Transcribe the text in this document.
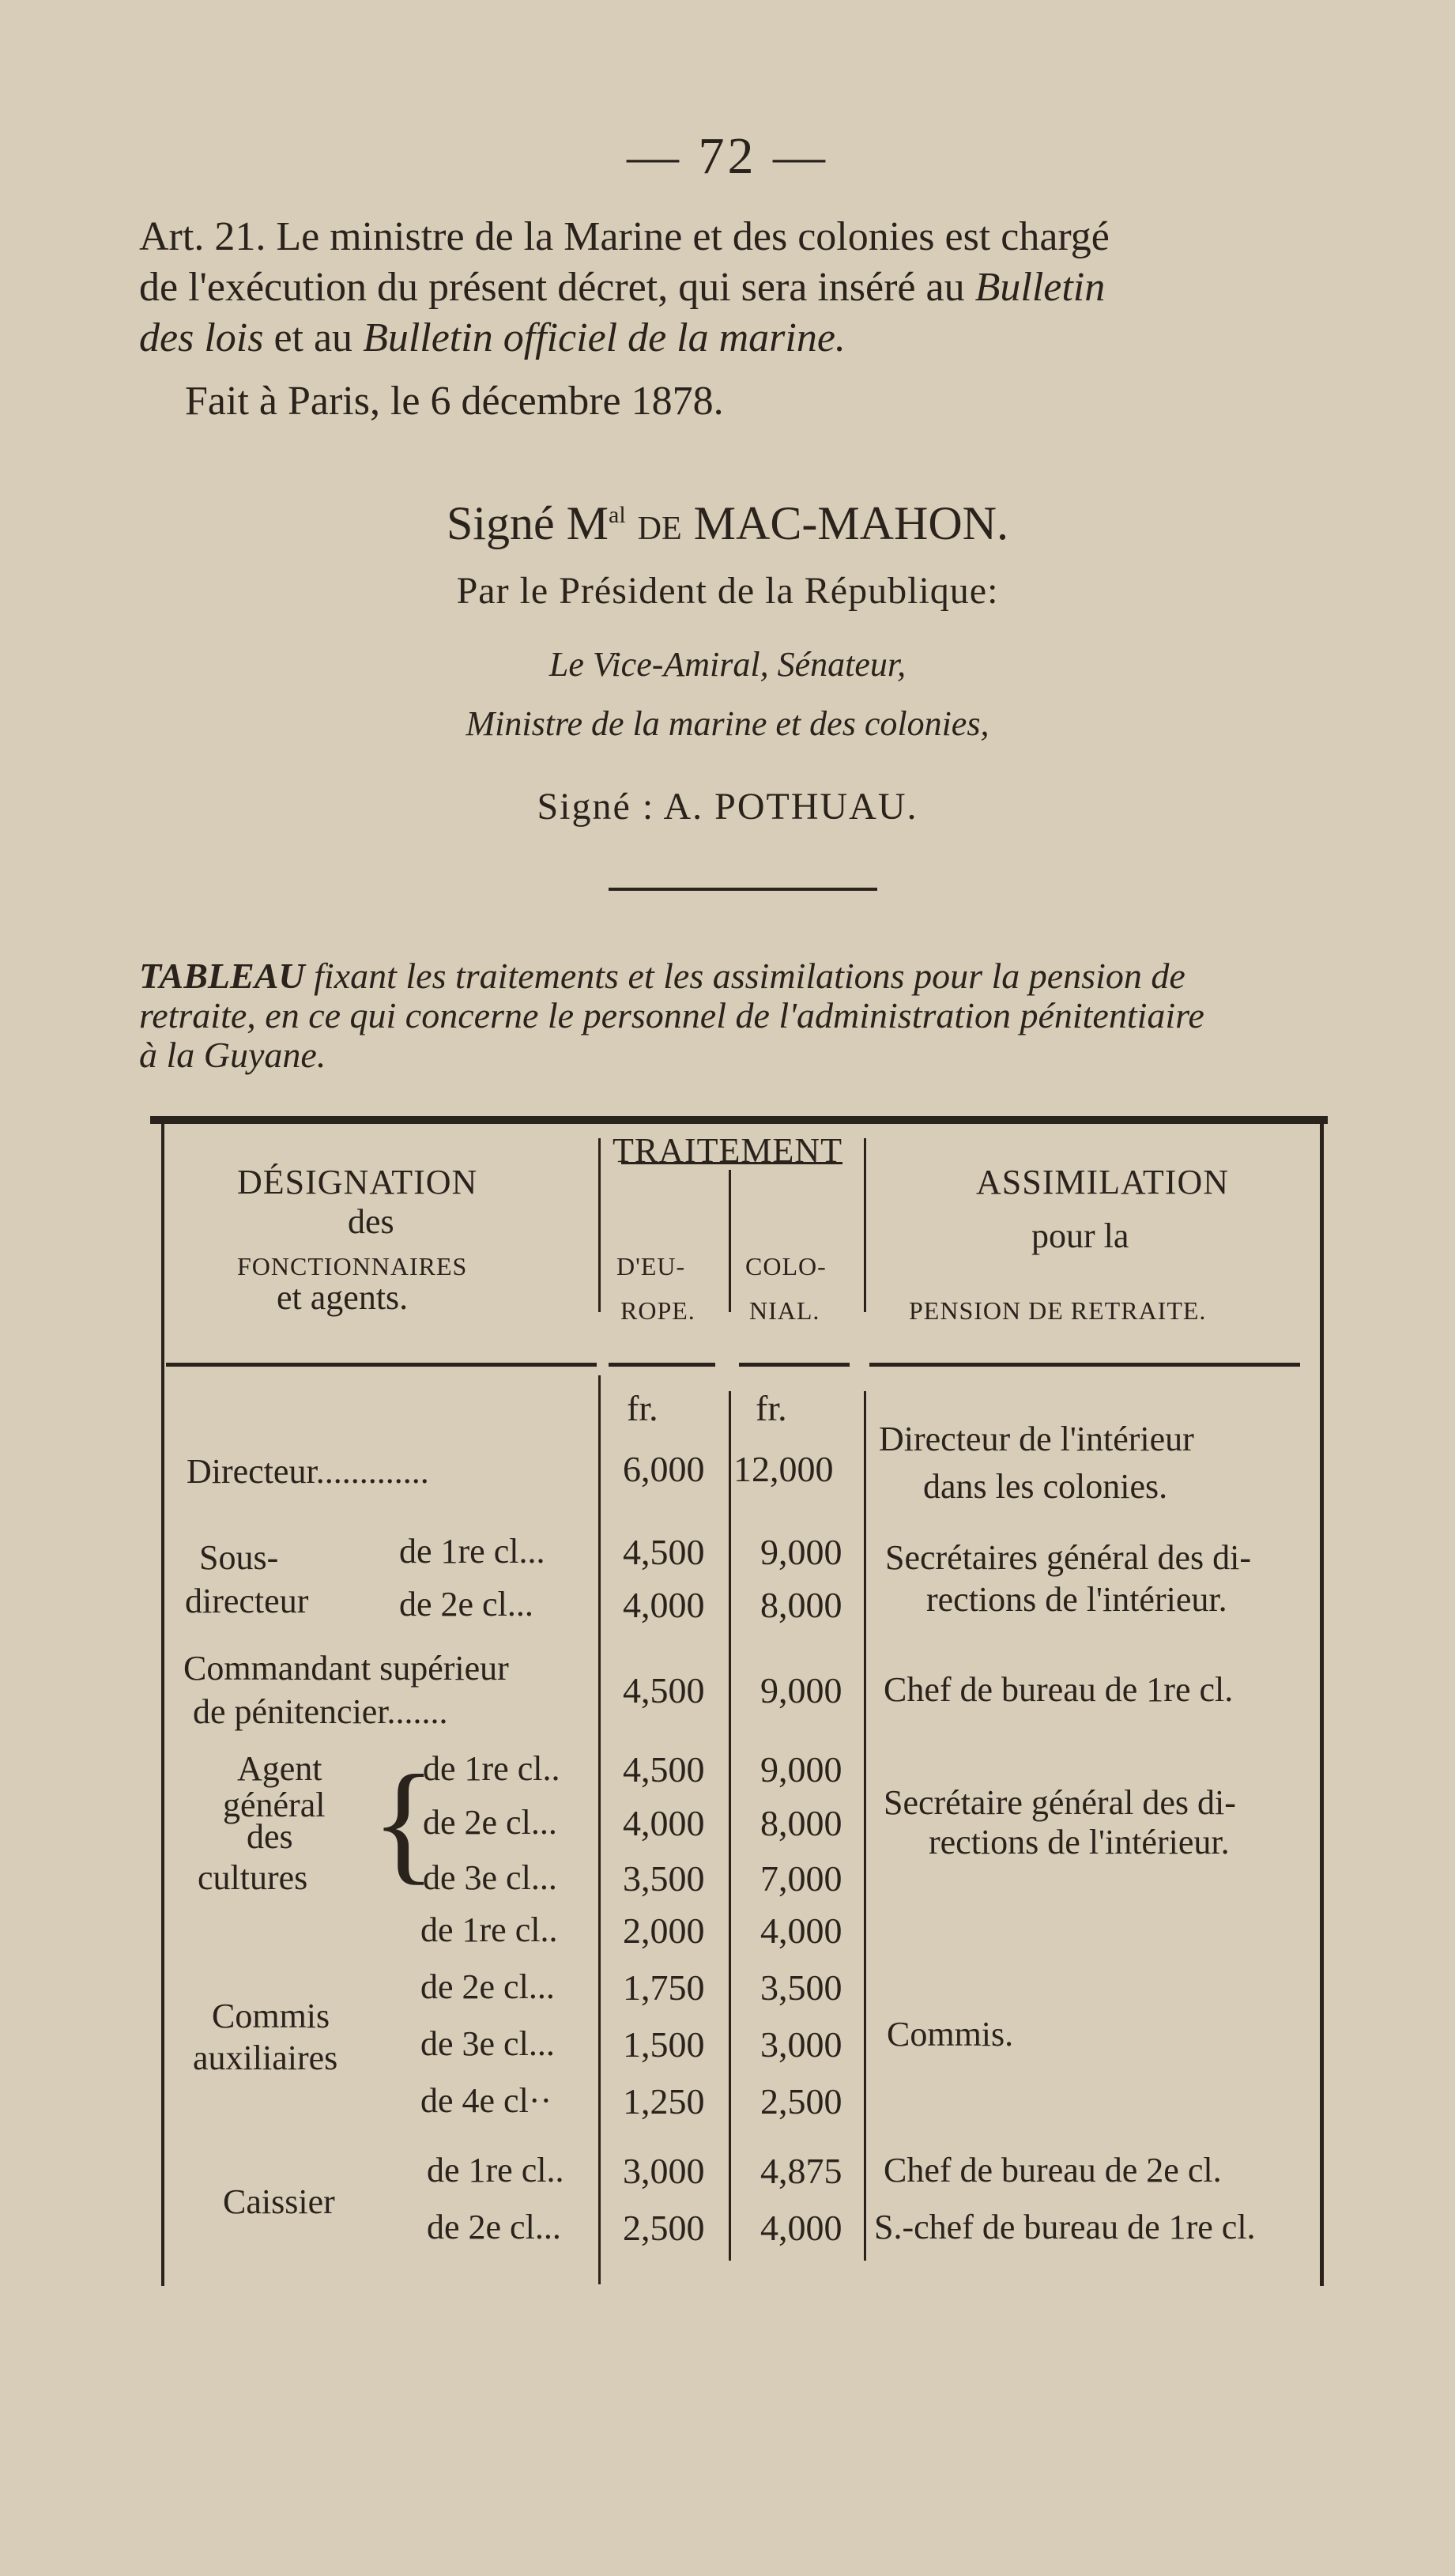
— 72 —
Art. 21. Le ministre de la Marine et des colonies est chargé
de l'exécution du présent décret, qui sera inséré au Bulletin
des lois et au Bulletin officiel de la marine.
Fait à Paris, le 6 décembre 1878.
Signé $M^{al}$ de MAC-MAHON.
Par le Président de la République:
Le Vice-Amiral, Sénateur,
Ministre de la marine et des colonies,
Signé : A. POTHUAU.
TABLEAU fixant les traitements et les assimilations pour la pension de
retraite, en ce qui concerne le personnel de l'administration pénitentiaire
à la Guyane.
DÉSIGNATION
des
FONCTIONNAIRES
et agents.
TRAITEMENT
D'EU-
ROPE.
COLO-
NIAL.
ASSIMILATION
pour la
PENSION DE RETRAITE.
fr.	fr.
Directeur.............	6,000 12,000
Directeur de l'intérieur
dans les colonies.
Sous-
directeur
de 1re cl...
de 2e cl...
4,500
4,000
9,000
8,000
Secrétaires général des di-
rections de l'intérieur.
Commandant supérieur
de pénitencier.......
4,500 9,000 Chef de bureau de 1re cl.
Agent
général
des
cultures {
de 1re cl..
de 2e cl...
de 3e cl...
4,500
4,000
3,500
9,000
8,000
7,000
Secrétaire général des di-
rections de l'intérieur.
Commis
auxiliaires
de 1re cl..
de 2e cl...
de 3e cl...
de 4e cl··
2,000
1,750
1,500
1,250
4,000
3,500
3,000
2,500
Commis.
Caissier
de 1re cl..
de 2e cl...
3,000
2,500
4,875
4,000
Chef de bureau de 2e cl.
S.-chef de bureau de 1re cl.
